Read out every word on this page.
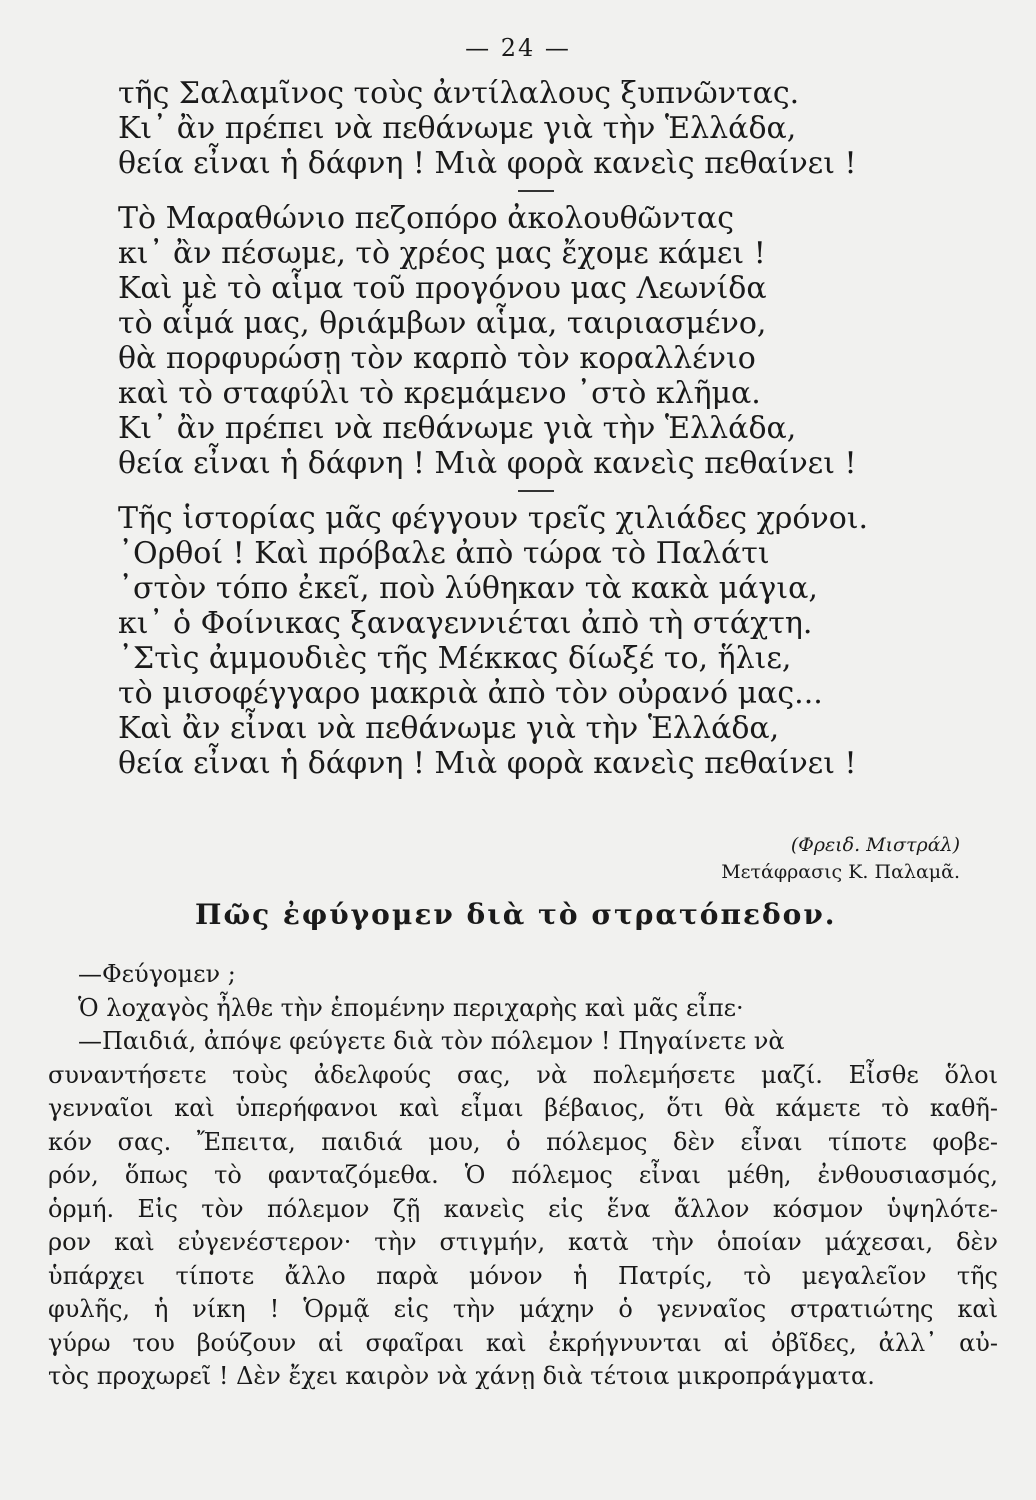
— 24 —
τῆς Σαλαμῖνος τοὺς ἀντίλαλους ξυπνῶντας.
Κι᾽ ἂν πρέπει νὰ πεθάνωμε γιὰ τὴν Ἑλλάδα,
θεία εἶναι ἡ δάφνη ! Μιὰ φορὰ κανεὶς πεθαίνει !
Τὸ Μαραθώνιο πεζοπόρο ἀκολουθῶντας
κι᾽ ἂν πέσωμε, τὸ χρέος μας ἔχομε κάμει !
Καὶ μὲ τὸ αἷμα τοῦ προγόνου μας Λεωνίδα
τὸ αἷμά μας, θριάμβων αἷμα, ταιριασμένο,
θὰ πορφυρώσῃ τὸν καρπὸ τὸν κοραλλένιο
καὶ τὸ σταφύλι τὸ κρεμάμενο ᾽στὸ κλῆμα.
Κι᾽ ἂν πρέπει νὰ πεθάνωμε γιὰ τὴν Ἑλλάδα,
θεία εἶναι ἡ δάφνη ! Μιὰ φορὰ κανεὶς πεθαίνει !
Τῆς ἱστορίας μᾶς φέγγουν τρεῖς χιλιάδες χρόνοι.
᾽Ορθοί ! Καὶ πρόβαλε ἀπὸ τώρα τὸ Παλάτι
᾽στὸν τόπο ἐκεῖ, ποὺ λύθηκαν τὰ κακὰ μάγια,
κι᾽ ὁ Φοίνικας ξαναγεννιέται ἀπὸ τὴ στάχτη.
᾽Στὶς ἀμμουδιὲς τῆς Μέκκας δίωξέ το, ἥλιε,
τὸ μισοφέγγαρο μακριὰ ἀπὸ τὸν οὐρανό μας...
Καὶ ἂν εἶναι νὰ πεθάνωμε γιὰ τὴν Ἑλλάδα,
θεία εἶναι ἡ δάφνη ! Μιὰ φορὰ κανεὶς πεθαίνει !
(Φρειδ. Μιστράλ)
Μετάφρασις Κ. Παλαμᾶ.
Πῶς ἐφύγομεν διὰ τὸ στρατόπεδον.
—Φεύγομεν ;
Ὁ λοχαγὸς ἦλθε τὴν ἑπομένην περιχαρὴς καὶ μᾶς εἶπε·
—Παιδιά, ἀπόψε φεύγετε διὰ τὸν πόλεμον ! Πηγαίνετε νὰ
συναντήσετε τοὺς ἀδελφούς σας, νὰ πολεμήσετε μαζί. Εἶσθε ὅλοι
γενναῖοι καὶ ὑπερήφανοι καὶ εἶμαι βέβαιος, ὅτι θὰ κάμετε τὸ καθῆ-
κόν σας. Ἔπειτα, παιδιά μου, ὁ πόλεμος δὲν εἶναι τίποτε φοβε-
ρόν, ὅπως τὸ φανταζόμεθα. Ὁ πόλεμος εἶναι μέθη, ἐνθουσιασμός,
ὁρμή. Εἰς τὸν πόλεμον ζῇ κανεὶς εἰς ἕνα ἄλλον κόσμον ὑψηλότε-
ρον καὶ εὐγενέστερον· τὴν στιγμήν, κατὰ τὴν ὁποίαν μάχεσαι, δὲν
ὑπάρχει τίποτε ἄλλο παρὰ μόνον ἡ Πατρίς, τὸ μεγαλεῖον τῆς
φυλῆς, ἡ νίκη ! Ὁρμᾷ εἰς τὴν μάχην ὁ γενναῖος στρατιώτης καὶ
γύρω του βούζουν αἱ σφαῖραι καὶ ἐκρήγνυνται αἱ ὀβῖδες, ἀλλ᾽ αὐ-
τὸς προχωρεῖ ! Δὲν ἔχει καιρὸν νὰ χάνῃ διὰ τέτοια μικροπράγματα.
